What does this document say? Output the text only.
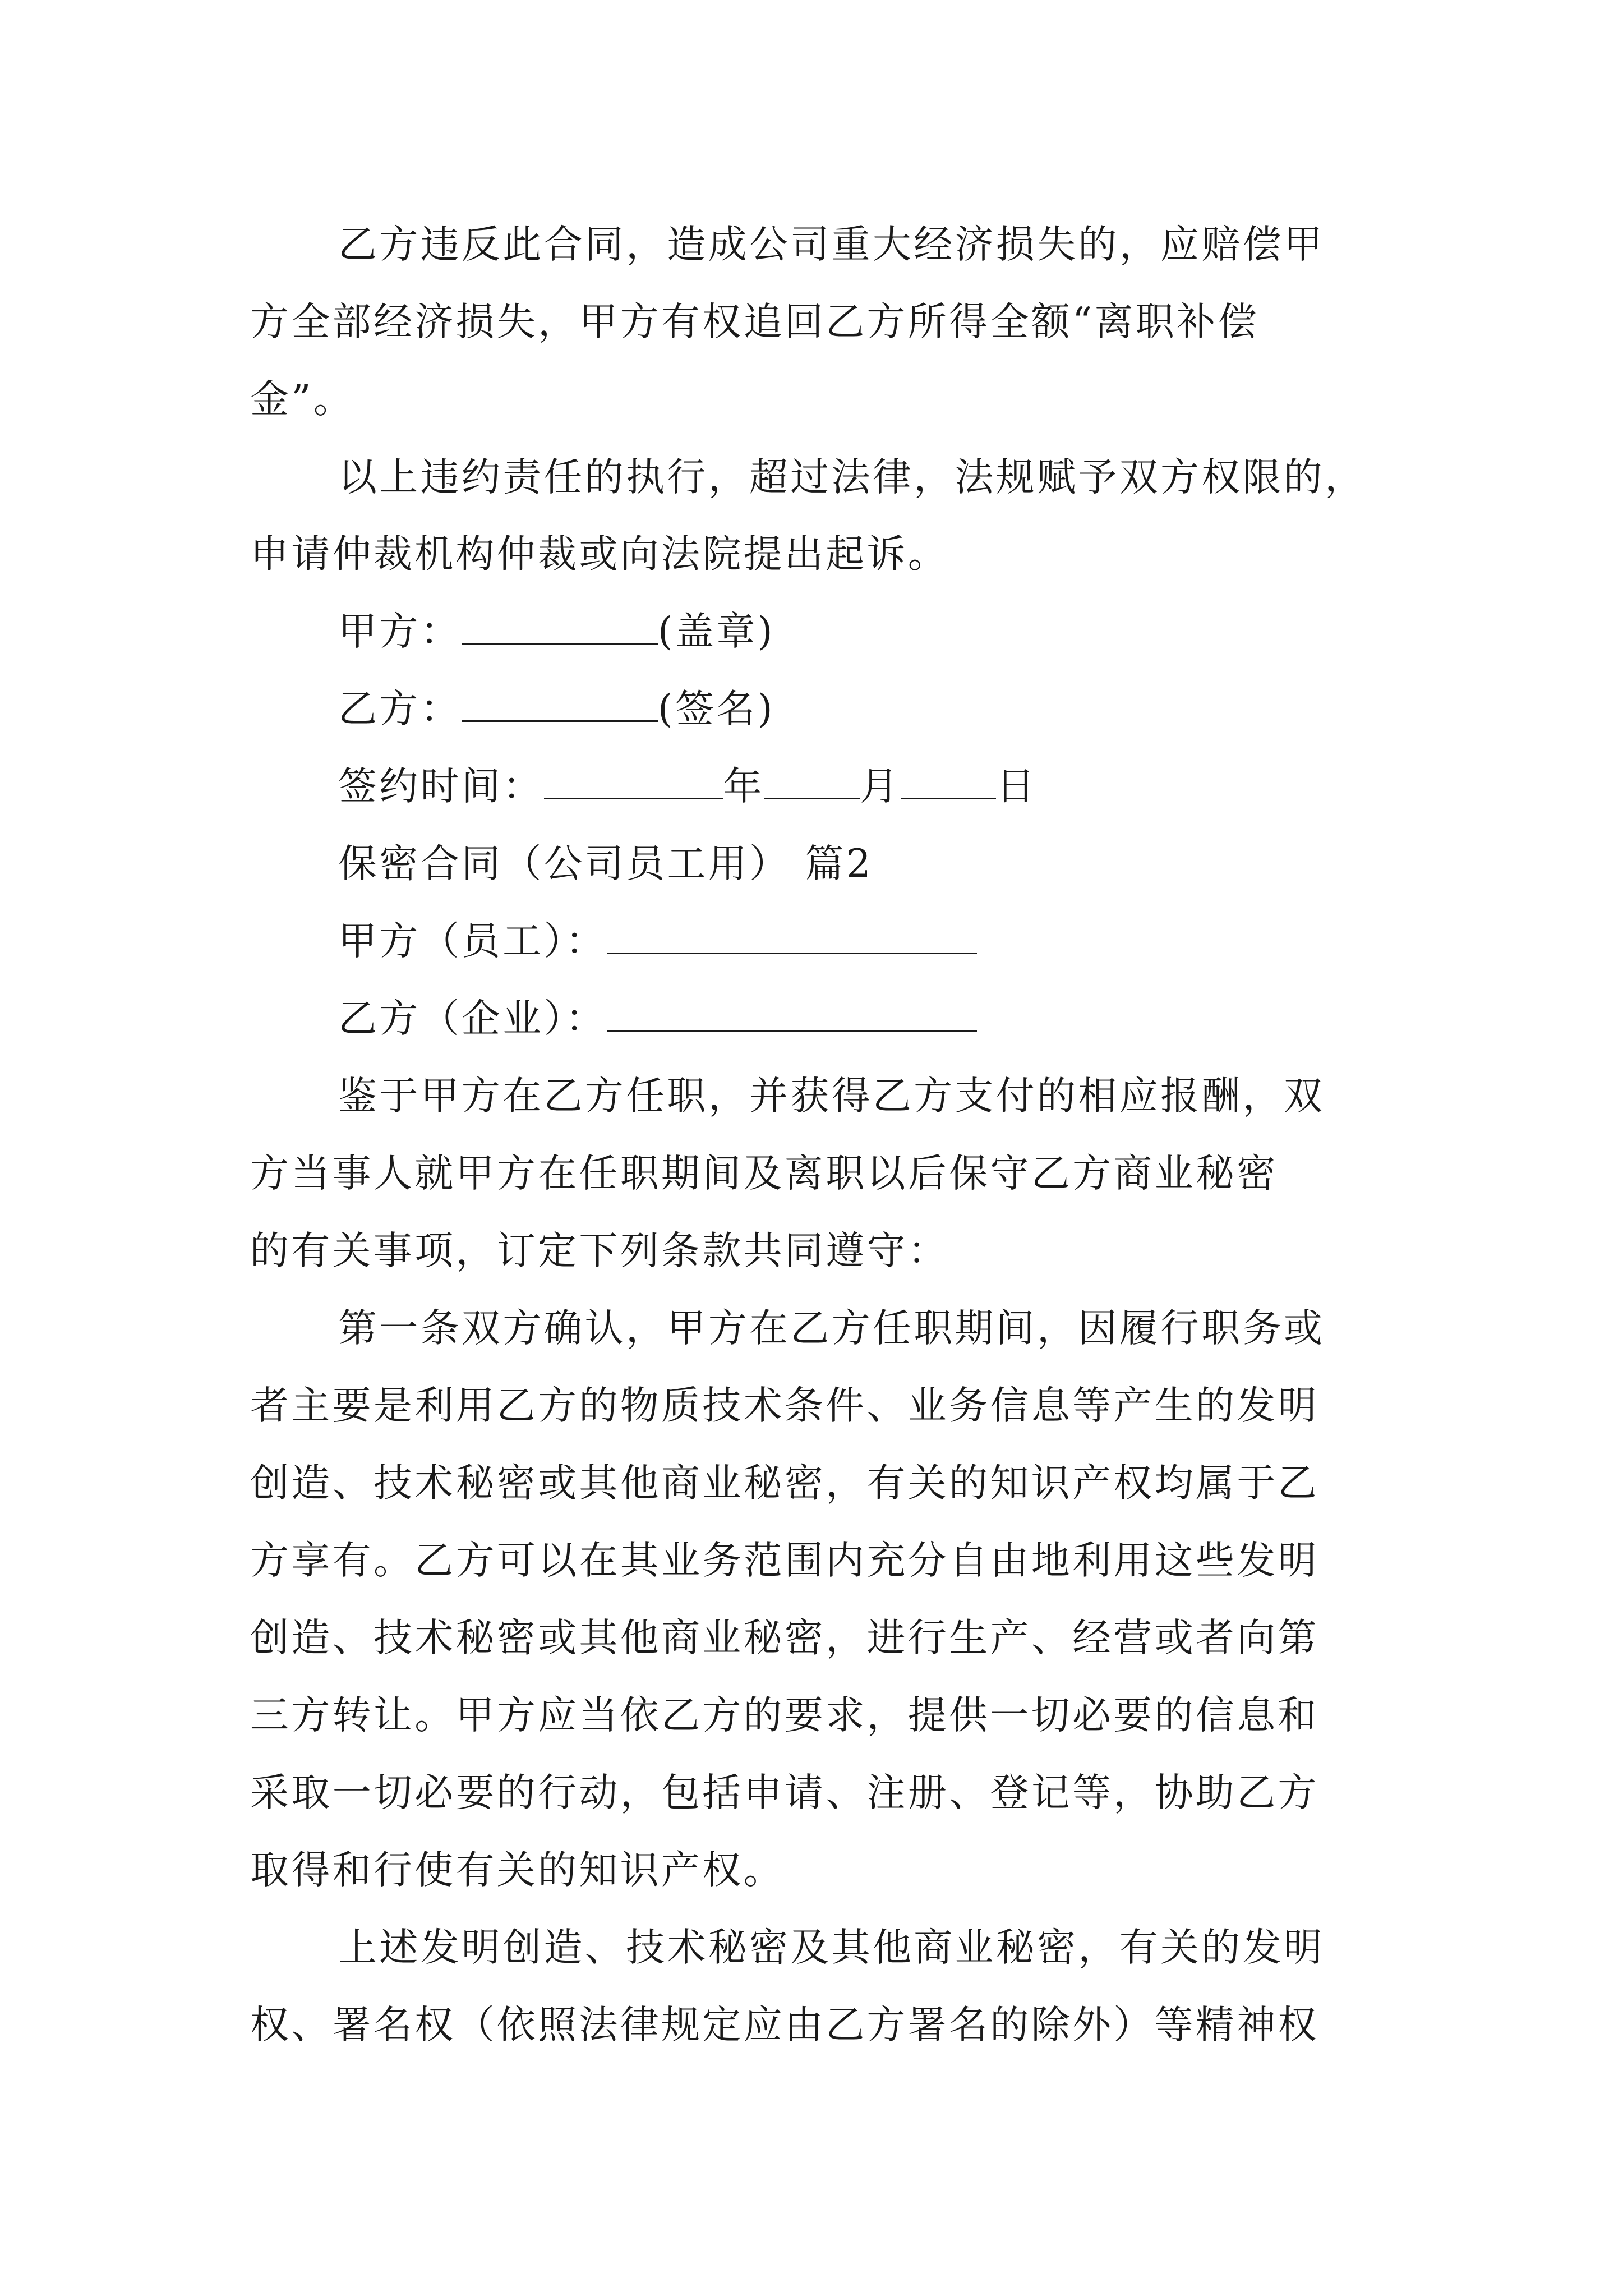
乙方违反此合同，造成公司重大经济损失的，应赔偿甲

方全部经济损失，甲方有权追回乙方所得全额“离职补偿

金”。

以上违约责任的执行，超过法律，法规赋予双方权限的，

申请仲裁机构仲裁或向法院提出起诉。

甲方：	(盖章)

乙方：	(签名)

签约时间：	年 月 日

保密合同（公司员工用） 篇2

甲方（员工）：

乙方（企业）：

鉴于甲方在乙方任职，并获得乙方支付的相应报酬，双

方当事人就甲方在任职期间及离职以后保守乙方商业秘密

的有关事项，订定下列条款共同遵守：

第一条双方确认，甲方在乙方任职期间，因履行职务或

者主要是利用乙方的物质技术条件、业务信息等产生的发明

创造、技术秘密或其他商业秘密，有关的知识产权均属于乙

方享有。乙方可以在其业务范围内充分自由地利用这些发明

创造、技术秘密或其他商业秘密，进行生产、经营或者向第

三方转让。甲方应当依乙方的要求，提供一切必要的信息和

采取一切必要的行动，包括申请、注册、登记等，协助乙方

取得和行使有关的知识产权。

上述发明创造、技术秘密及其他商业秘密，有关的发明

权、署名权（依照法律规定应由乙方署名的除外）等精神权
